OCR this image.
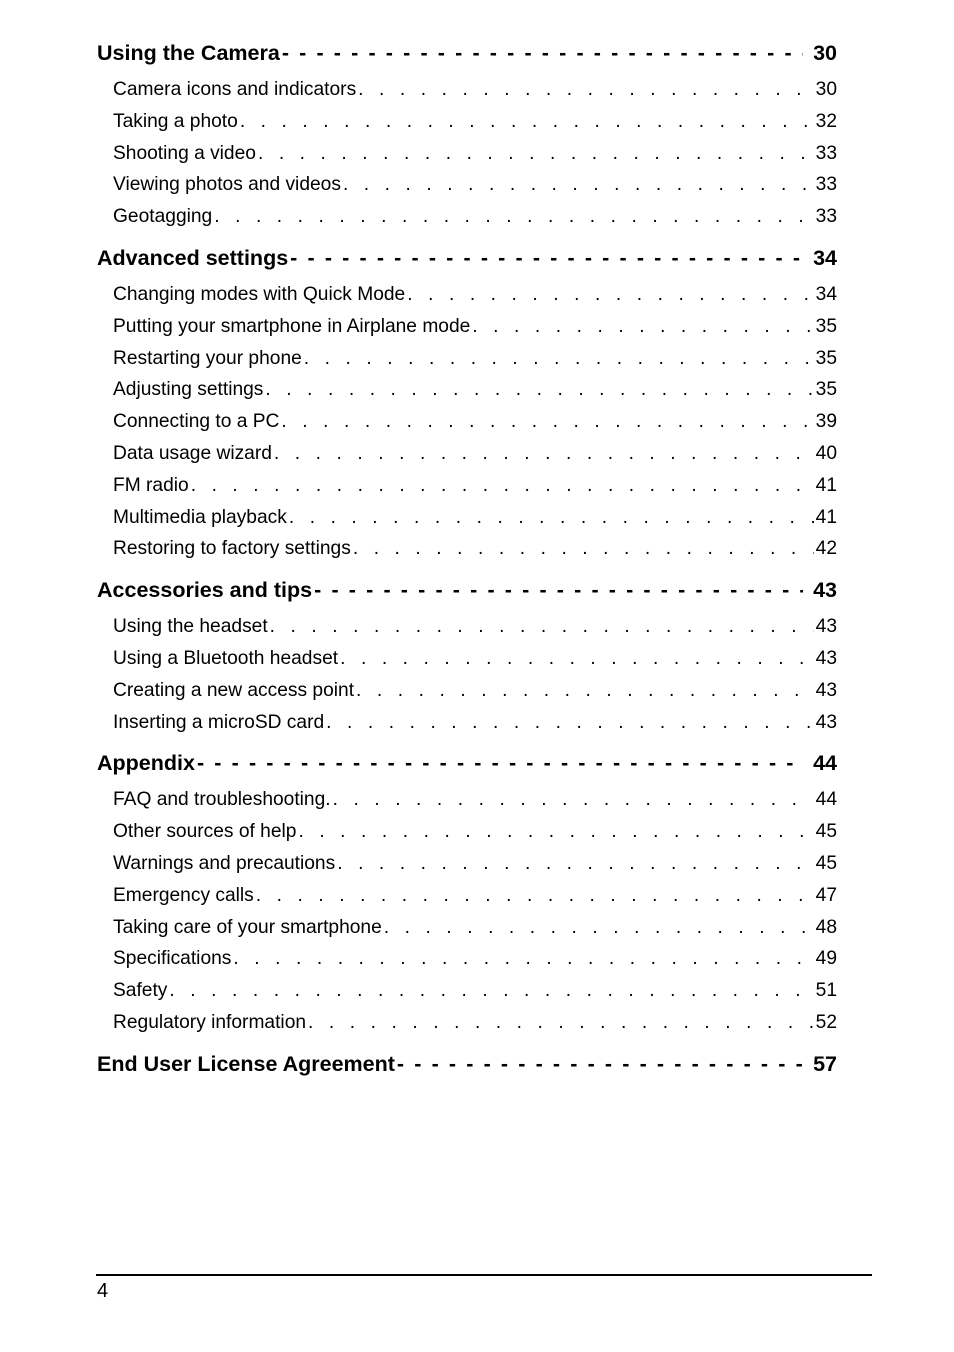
Using the Camera - - -	30
Camera icons and indicators . . .	30
Taking a photo . . .	32
Shooting a video . . .	33
Viewing photos and videos . . .	33
Geotagging . . .	33
Advanced settings - - -	34
Changing modes with Quick Mode . . .	34
Putting your smartphone in Airplane mode . . .	35
Restarting your phone . . .	35
Adjusting settings . . .	35
Connecting to a PC . . .	39
Data usage wizard . . .	40
FM radio . . .	41
Multimedia playback . . .	41
Restoring to factory settings . . .	42
Accessories and tips - - -	43
Using the headset . . .	43
Using a Bluetooth headset . . .	43
Creating a new access point . . .	43
Inserting a microSD card . . .	43
Appendix - - -	44
FAQ and troubleshooting. . . .	44
Other sources of help . . .	45
Warnings and precautions . . .	45
Emergency calls . . .	47
Taking care of your smartphone . . .	48
Specifications . . .	49
Safety . . .	51
Regulatory information . . .	52
End User License Agreement - - -	57
4
